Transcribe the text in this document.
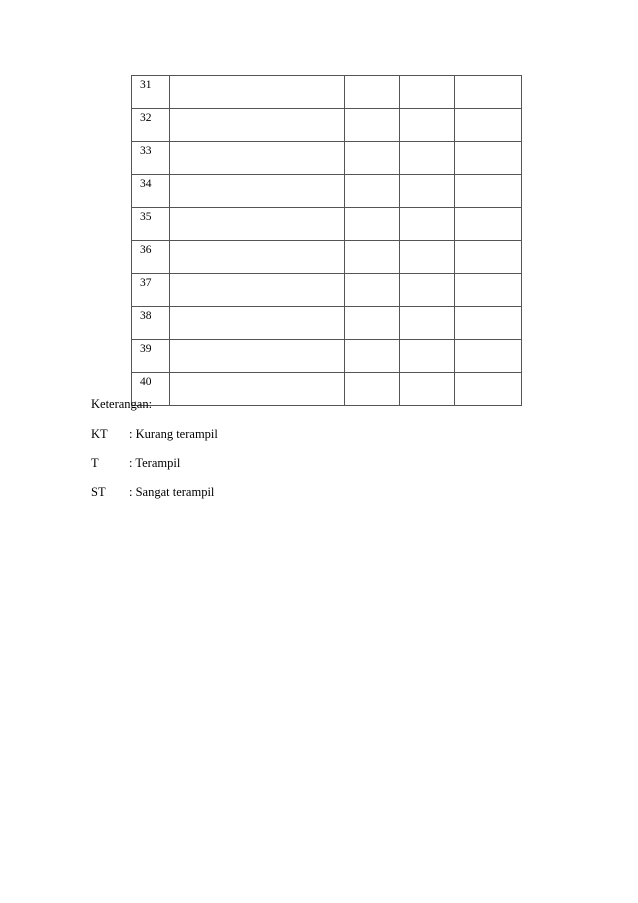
31				
32				
33				
34				
35				
36				
37				
38				
39				
40				
Keterangan:
KT : Kurang terampil
T : Terampil
ST : Sangat terampil
